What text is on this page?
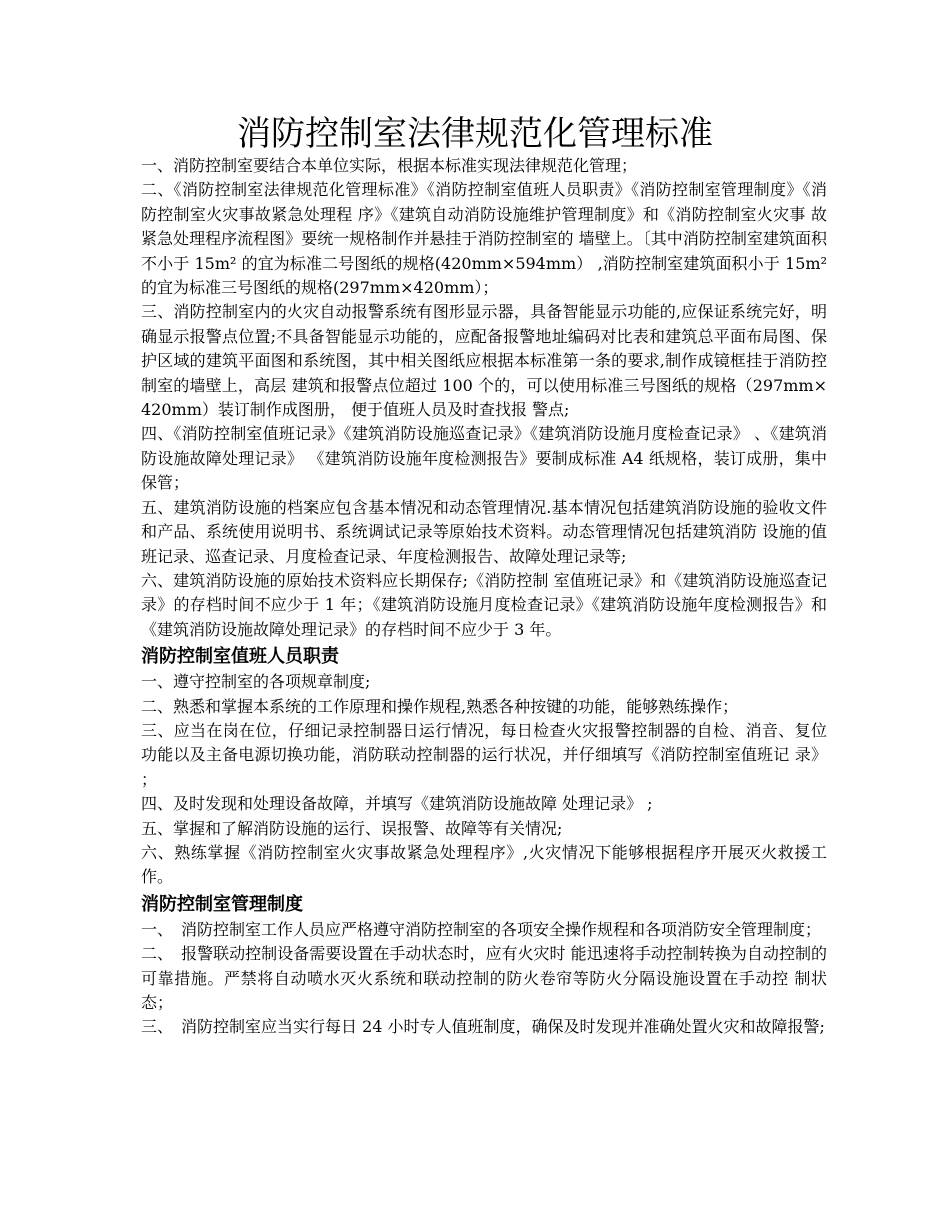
消防控制室法律规范化管理标准

一、消防控制室要结合本单位实际，根据本标准实现法律规范化管理；

二、《消防控制室法律规范化管理标准》《消防控制室值班人员职责》《消防控制室管理制度》《消防控制室火灾事故紧急处理程 序》《建筑自动消防设施维护管理制度》和《消防控制室火灾事 故紧急处理程序流程图》要统一规格制作并悬挂于消防控制室的 墙壁上。〔其中消防控制室建筑面积不小于 15m² 的宜为标准二号图纸的规格(420mm×594mm） ,消防控制室建筑面积小于 15m² 的宜为标准三号图纸的规格(297mm×420mm）；

三、消防控制室内的火灾自动报警系统有图形显示器，具备智能显示功能的,应保证系统完好，明确显示报警点位置;不具备智能显示功能的，应配备报警地址编码对比表和建筑总平面布局图、保护区域的建筑平面图和系统图，其中相关图纸应根据本标准第一条的要求,制作成镜框挂于消防控制室的墙壁上，高层 建筑和报警点位超过 100 个的，可以使用标准三号图纸的规格（297mm×420mm）装订制作成图册， 便于值班人员及时查找报 警点;

四、《消防控制室值班记录》《建筑消防设施巡查记录》《建筑消防设施月度检查记录》 、《建筑消防设施故障处理记录》 《建筑消防设施年度检测报告》要制成标准 A4 纸规格，装订成册，集中保管；

五、建筑消防设施的档案应包含基本情况和动态管理情况.基本情况包括建筑消防设施的验收文件和产品、系统使用说明书、系统调试记录等原始技术资料。动态管理情况包括建筑消防 设施的值班记录、巡查记录、月度检查记录、年度检测报告、故障处理记录等;

六、建筑消防设施的原始技术资料应长期保存;《消防控制 室值班记录》和《建筑消防设施巡查记录》的存档时间不应少于 1 年；《建筑消防设施月度检查记录》《建筑消防设施年度检测报告》和《建筑消防设施故障处理记录》的存档时间不应少于 3 年。

消防控制室值班人员职责

一、遵守控制室的各项规章制度;

二、熟悉和掌握本系统的工作原理和操作规程,熟悉各种按键的功能，能够熟练操作；

三、应当在岗在位，仔细记录控制器日运行情况，每日检查火灾报警控制器的自检、消音、复位功能以及主备电源切换功能，消防联动控制器的运行状况，并仔细填写《消防控制室值班记 录》 ；

四、及时发现和处理设备故障，并填写《建筑消防设施故障 处理记录》 ;

五、掌握和了解消防设施的运行、误报警、故障等有关情况;

六、熟练掌握《消防控制室火灾事故紧急处理程序》,火灾情况下能够根据程序开展灭火救援工作。

消防控制室管理制度

一、　消防控制室工作人员应严格遵守消防控制室的各项安全操作规程和各项消防安全管理制度；

二、　报警联动控制设备需要设置在手动状态时，应有火灾时 能迅速将手动控制转换为自动控制的可靠措施。严禁将自动喷水灭火系统和联动控制的防火卷帘等防火分隔设施设置在手动控 制状态；

三、　消防控制室应当实行每日 24 小时专人值班制度，确保及时发现并准确处置火灾和故障报警;
